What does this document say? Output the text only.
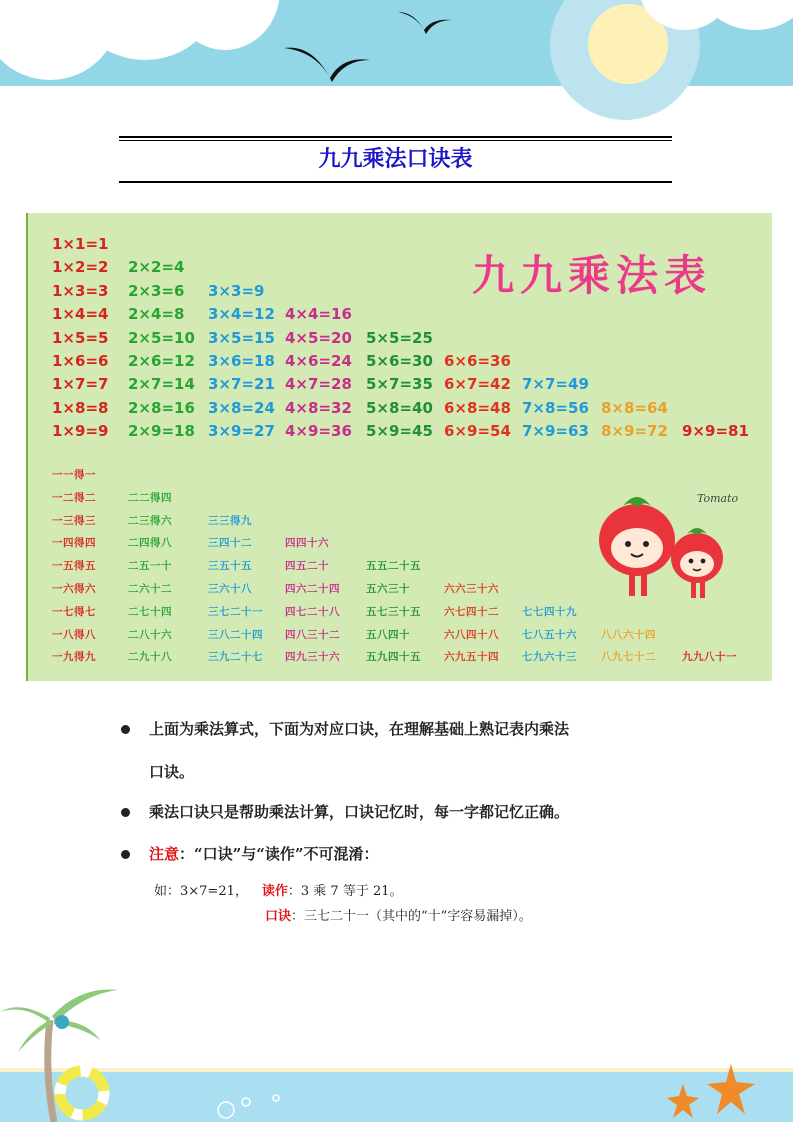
九九乘法口诀表
九九乘法表
Tomato
1×1=1
1×2=2 2×2=4
1×3=3 2×3=6 3×3=9
1×4=4 2×4=8 3×4=12 4×4=16
1×5=5 2×5=10 3×5=15 4×5=20 5×5=25
1×6=6 2×6=12 3×6=18 4×6=24 5×6=30 6×6=36
1×7=7 2×7=14 3×7=21 4×7=28 5×7=35 6×7=42 7×7=49
1×8=8 2×8=16 3×8=24 4×8=32 5×8=40 6×8=48 7×8=56 8×8=64
1×9=9 2×9=18 3×9=27 4×9=36 5×9=45 6×9=54 7×9=63 8×9=72 9×9=81
一一得一
一二得二	二二得四
一三得三	二三得六	三三得九
一四得四	二四得八	三四十二	四四十六
一五得五	二五一十	三五十五	四五二十	五五二十五
一六得六	二六十二	三六十八	四六二十四 五六三十	六六三十六
一七得七	二七十四	三七二十一 四七二十八 五七三十五 六七四十二 七七四十九
一八得八	二八十六	三八二十四 四八三十二 五八四十	六八四十八 七八五十六 八八六十四
一九得九	二九十八	三九二十七 四九三十六 五九四十五 六九五十四 七九六十三 八九七十二 九九八十一
上面为乘法算式，下面为对应口诀，在理解基础上熟记表内乘法
口诀。
乘法口诀只是帮助乘法计算，口诀记忆时，每一字都记忆正确。
注意：“口诀”与“读作”不可混淆：
如：3×7=21， 读作：3 乘 7 等于 21。
口诀：三七二十一（其中的“十”字容易漏掉）。
